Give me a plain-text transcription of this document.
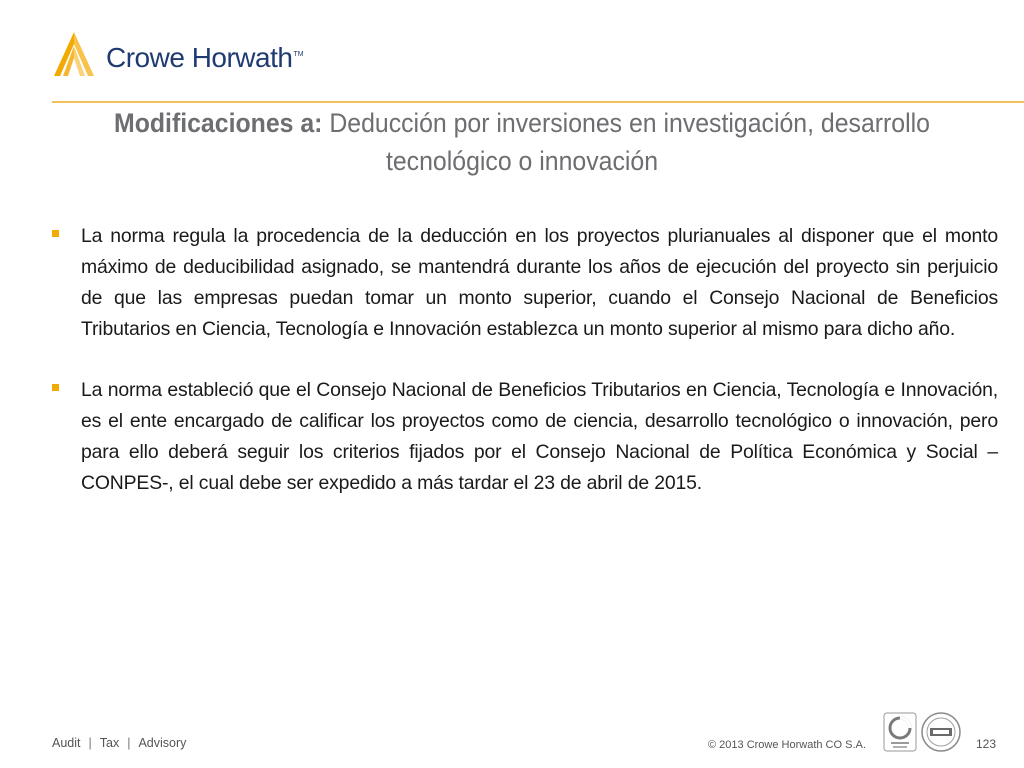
Crowe Horwath TM
Modificaciones a: Deducción por inversiones en investigación, desarrollo
tecnológico o innovación
La norma regula la procedencia de la deducción en los proyectos plurianuales al disponer que el monto máximo de deducibilidad asignado, se mantendrá durante los años de ejecución del proyecto sin perjuicio de que las empresas puedan tomar un monto superior, cuando el Consejo Nacional de Beneficios Tributarios en Ciencia, Tecnología e Innovación establezca un monto superior al mismo para dicho año.
La norma estableció que el Consejo Nacional de Beneficios Tributarios en Ciencia, Tecnología e Innovación, es el ente encargado de calificar los proyectos como de ciencia, desarrollo tecnológico o innovación, pero para ello deberá seguir los criterios fijados por el Consejo Nacional de Política Económica y Social – CONPES-, el cual debe ser expedido a más tardar el 23 de abril de 2015.
Audit | Tax | Advisory	© 2013 Crowe Horwath CO S.A.	123
